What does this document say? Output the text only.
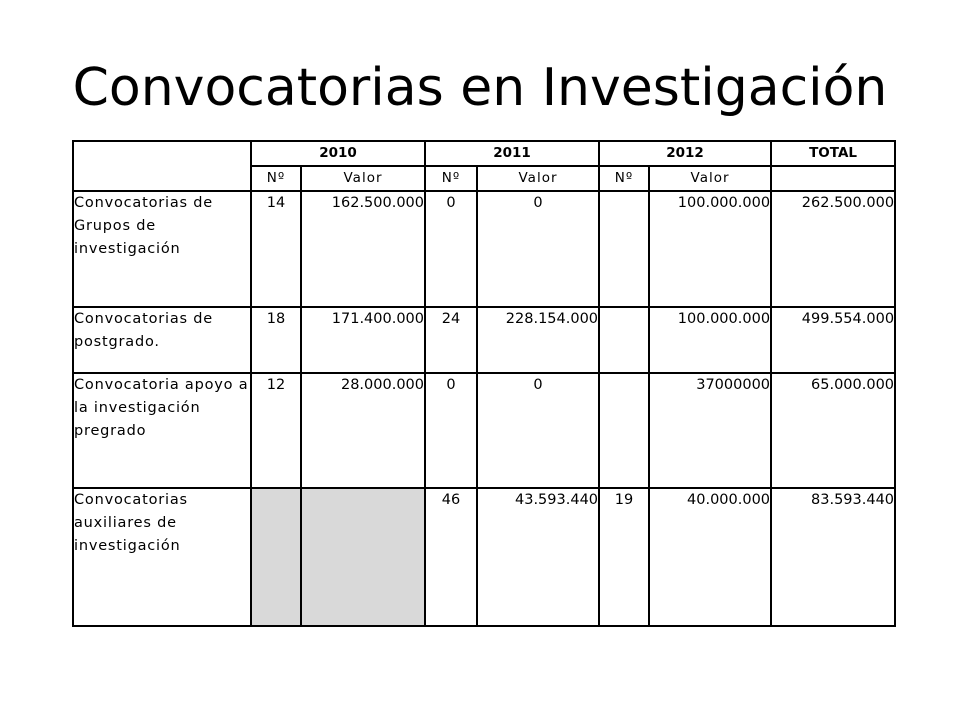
Convocatorias en Investigación
	2010		2011		2012		TOTAL
	Nº	Valor	Nº	Valor	Nº	Valor	
Convocatorias de Grupos de investigación	14	162.500.000	0	0		100.000.000	262.500.000
Convocatorias de postgrado.	18	171.400.000	24	228.154.000		100.000.000	499.554.000
Convocatoria apoyo a la investigación pregrado	12	28.000.000	0	0		37000000	65.000.000
Convocatorias auxiliares de investigación			46	43.593.440	19	40.000.000	83.593.440
